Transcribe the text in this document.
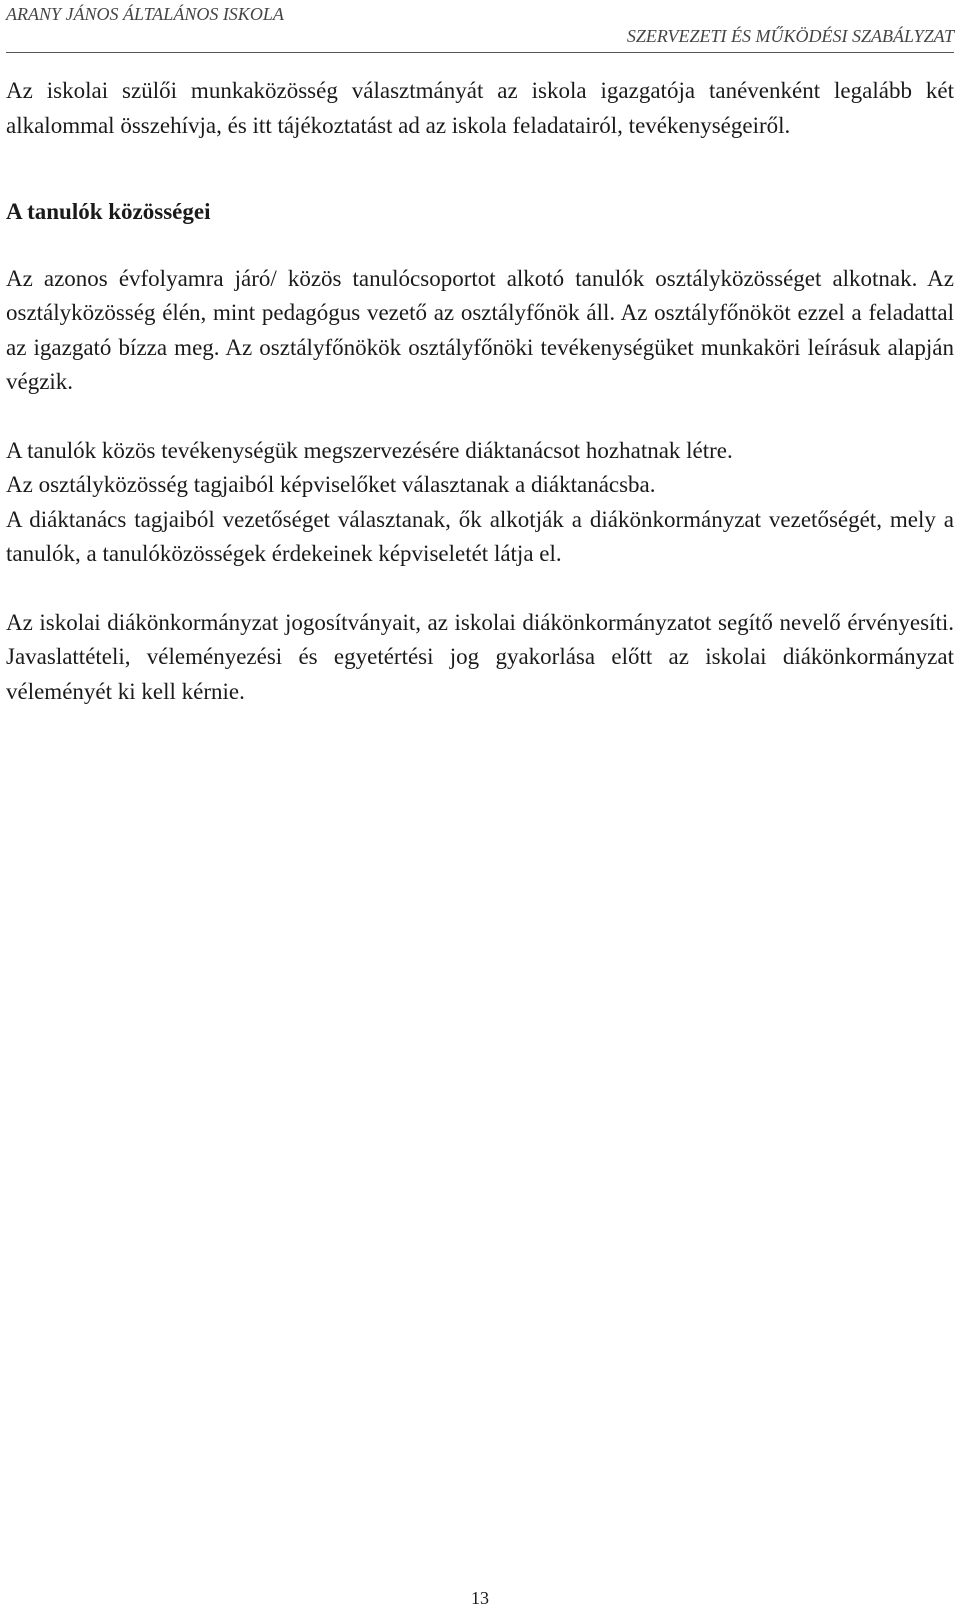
ARANY JÁNOS ÁLTALÁNOS ISKOLA
SZERVEZETI ÉS MŰKÖDÉSI SZABÁLYZAT

Az iskolai szülői munkaközösség választmányát az iskola igazgatója tanévenként legalább két alkalommal összehívja, és itt tájékoztatást ad az iskola feladatairól, tevékenységeiről.

A tanulók közösségei

Az azonos évfolyamra járó/ közös tanulócsoportot alkotó tanulók osztályközösséget alkotnak. Az osztályközösség élén, mint pedagógus vezető az osztályfőnök áll. Az osztályfőnököt ezzel a feladattal az igazgató bízza meg. Az osztályfőnökök osztályfőnöki tevékenységüket munkaköri leírásuk alapján végzik.

A tanulók közös tevékenységük megszervezésére diáktanácsot hozhatnak létre.

Az osztályközösség tagjaiból képviselőket választanak a diáktanácsba.

A diáktanács tagjaiból vezetőséget választanak, ők alkotják a diákönkormányzat vezetőségét, mely a tanulók, a tanulóközösségek érdekeinek képviseletét látja el.

Az iskolai diákönkormányzat jogosítványait, az iskolai diákönkormányzatot segítő nevelő érvényesíti. Javaslattételi, véleményezési és egyetértési jog gyakorlása előtt az iskolai diákönkormányzat véleményét ki kell kérnie.

13
